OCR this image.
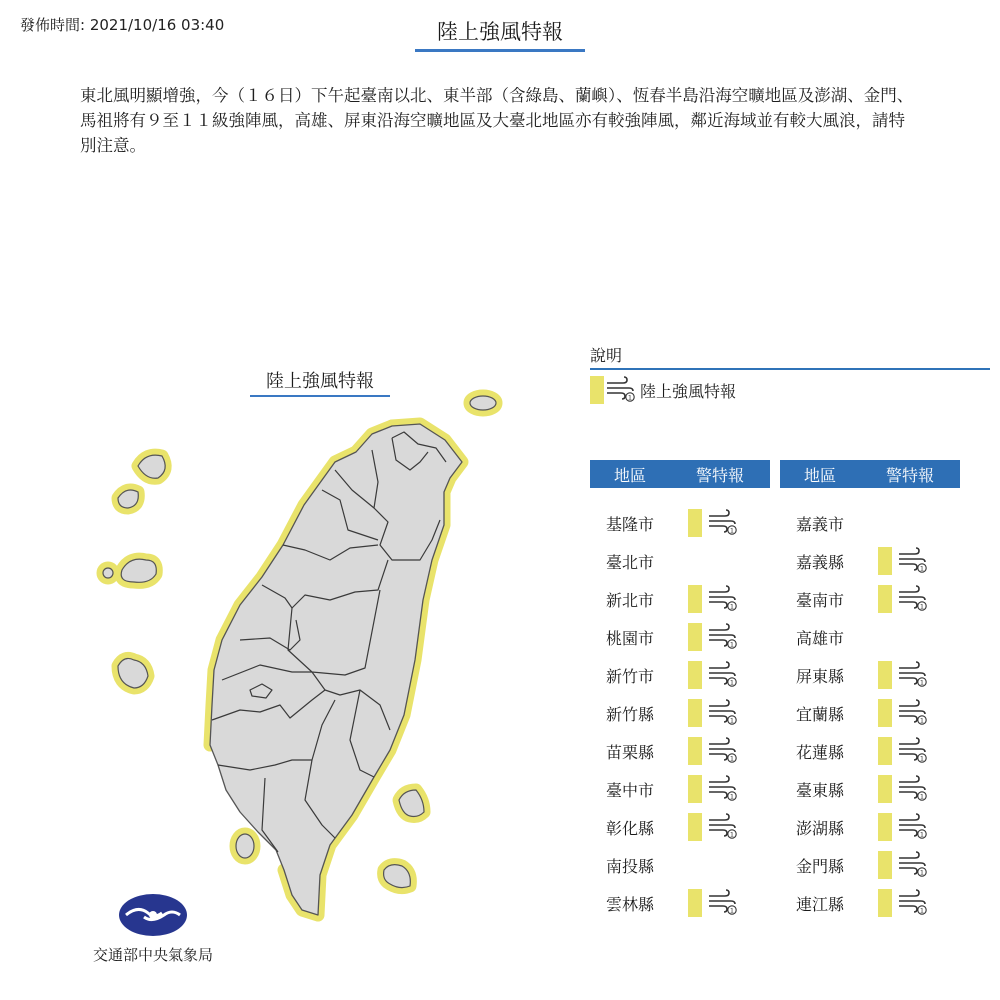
發佈時間: 2021/10/16 03:40	陸上強風特報
東北風明顯增強，今（１６日）下午起臺南以北、東半部（含綠島、蘭嶼）、恆春半島沿海空曠地區及澎湖、金門、馬祖將有９至１１級強陣風，高雄、屏東沿海空曠地區及大臺北地區亦有較強陣風，鄰近海域並有較大風浪，請特別注意。
陸上強風特報
交通部中央氣象局
說明
1 陸上強風特報
地區	警特報
基隆市	1
臺北市
新北市	1
桃園市	1
新竹市	1
新竹縣	1
苗栗縣	1
臺中市	1
彰化縣	1
南投縣
雲林縣	1
地區	警特報
嘉義市
嘉義縣	1
臺南市	1
高雄市
屏東縣	1
宜蘭縣	1
花蓮縣	1
臺東縣	1
澎湖縣	1
金門縣	1
連江縣	1
